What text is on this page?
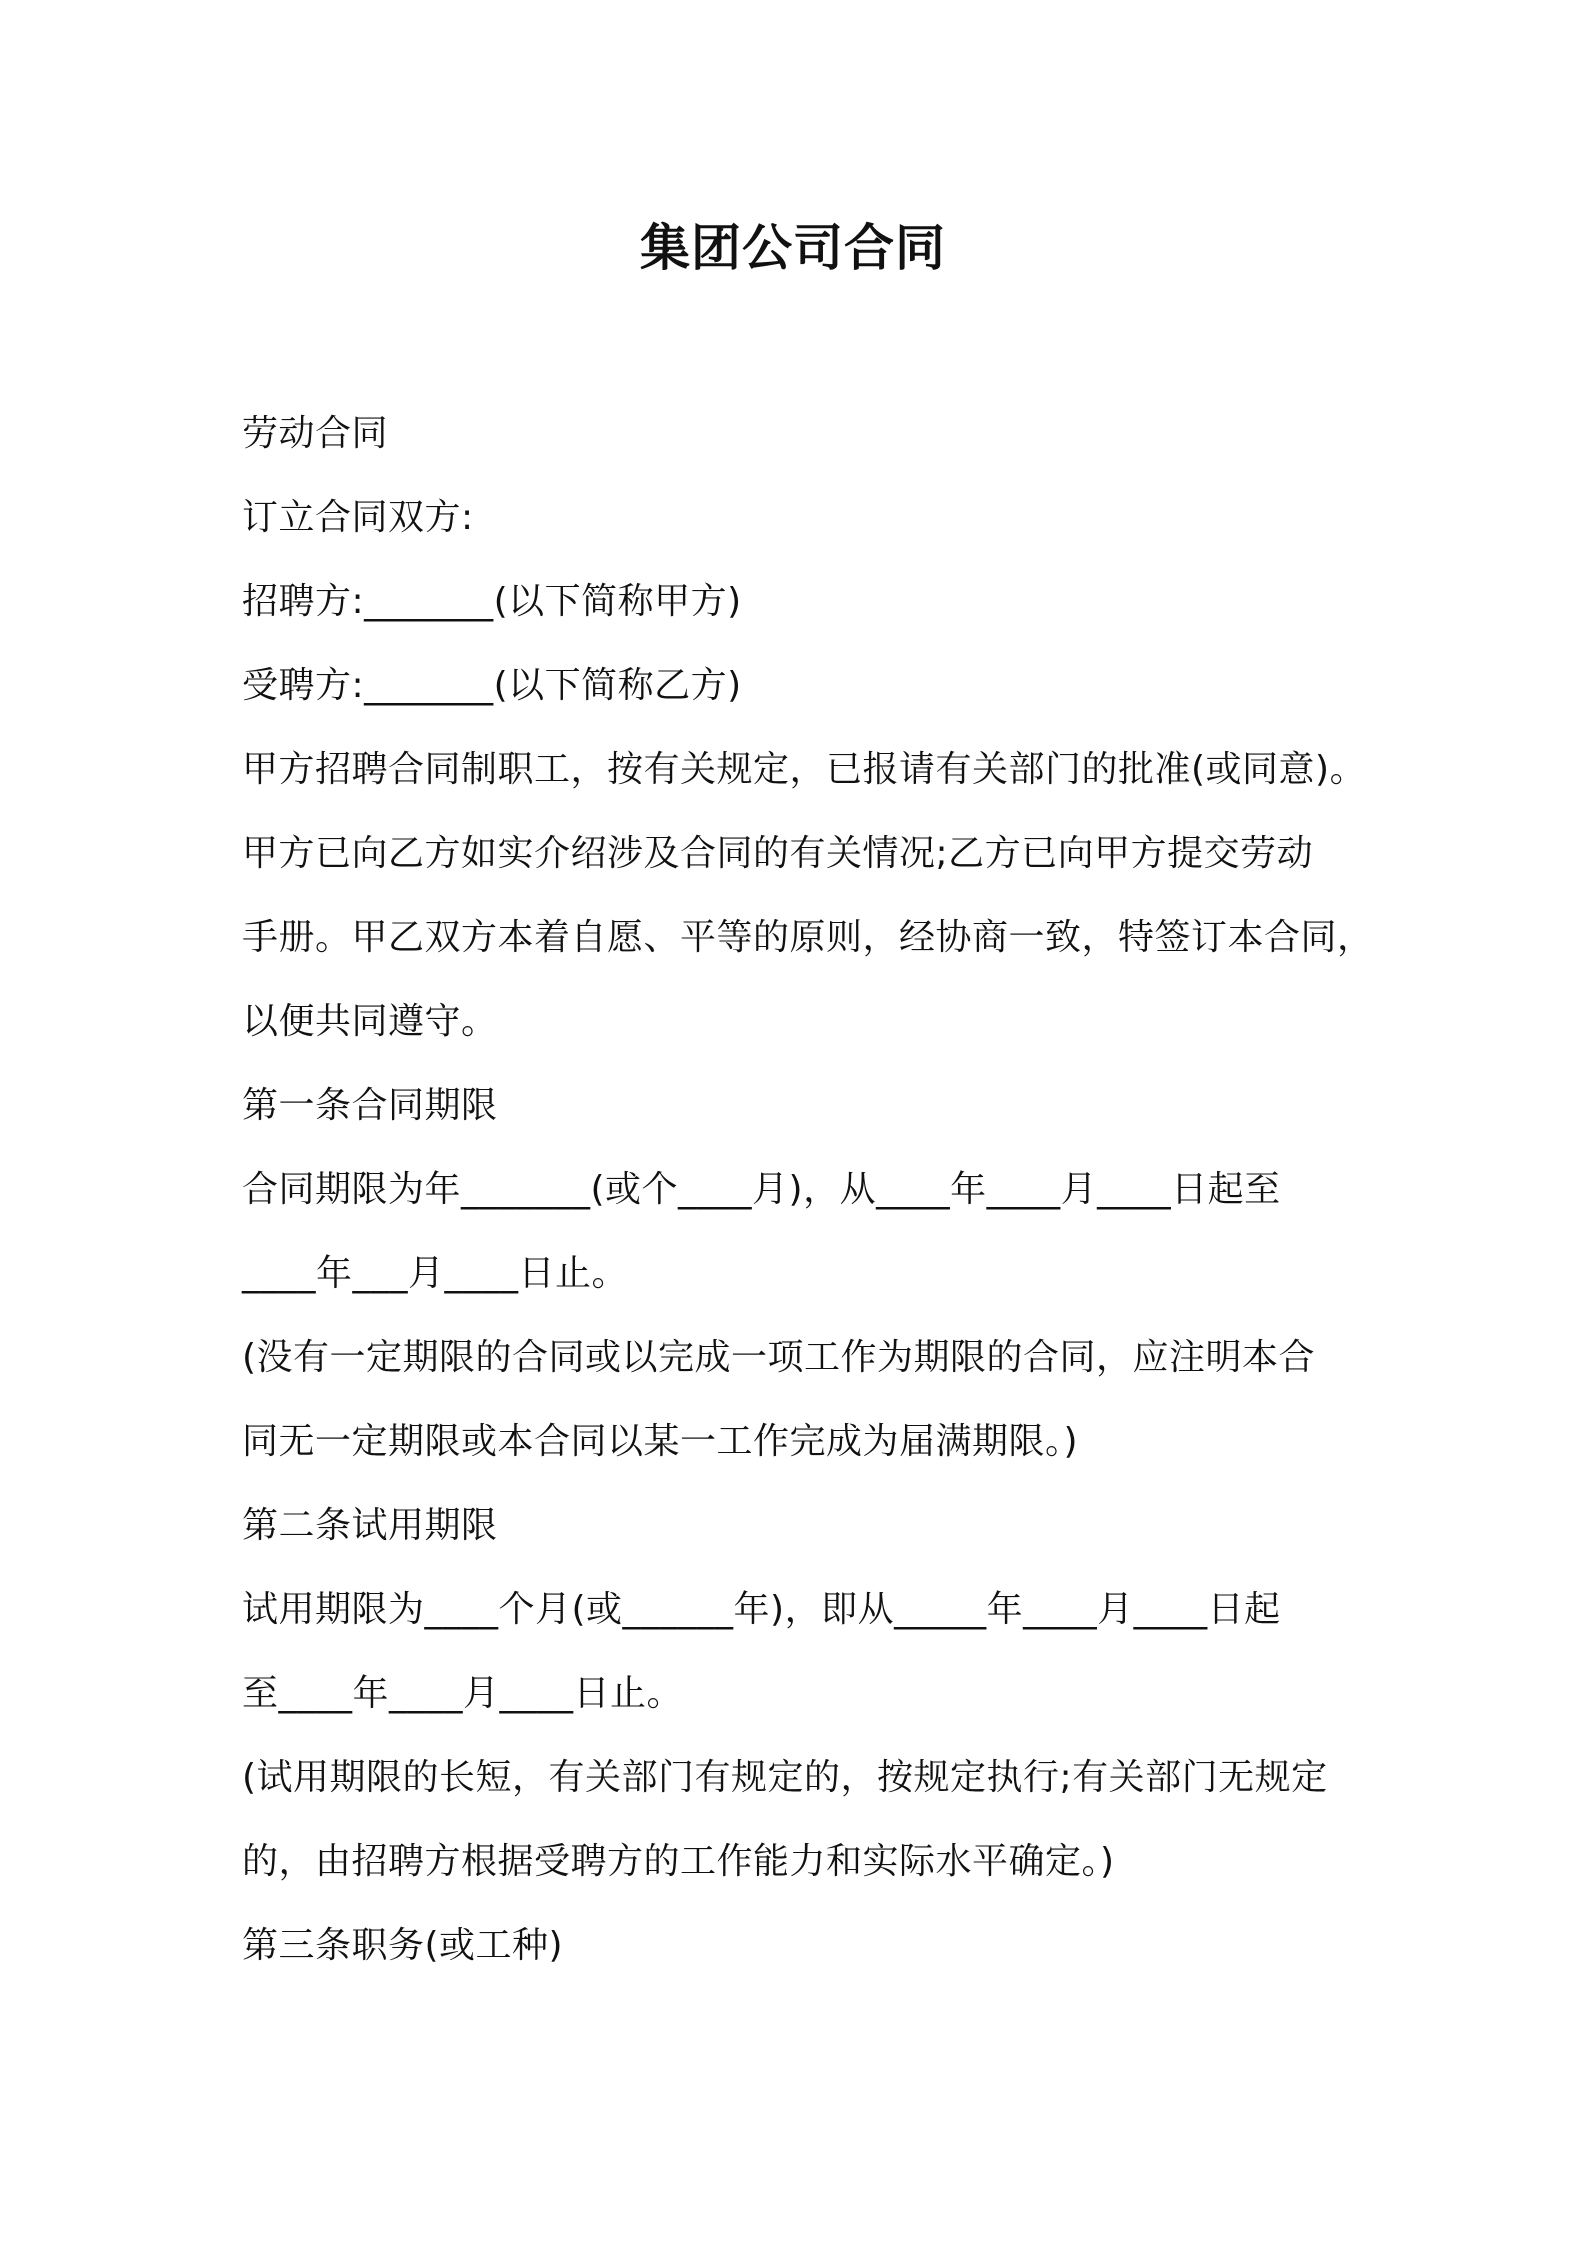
集团公司合同
劳动合同
订立合同双方:
招聘方:_______(以下简称甲方)
受聘方:_______(以下简称乙方)
甲方招聘合同制职工，按有关规定，已报请有关部门的批准(或同意)。
甲方已向乙方如实介绍涉及合同的有关情况;乙方已向甲方提交劳动
手册。甲乙双方本着自愿、平等的原则，经协商一致，特签订本合同，
以便共同遵守。
第一条合同期限
合同期限为年_______(或个____月)，从____年____月____日起至
____年___月____日止。
(没有一定期限的合同或以完成一项工作为期限的合同，应注明本合
同无一定期限或本合同以某一工作完成为届满期限。)
第二条试用期限
试用期限为____个月(或______年)，即从_____年____月____日起
至____年____月____日止。
(试用期限的长短，有关部门有规定的，按规定执行;有关部门无规定
的，由招聘方根据受聘方的工作能力和实际水平确定。)
第三条职务(或工种)
